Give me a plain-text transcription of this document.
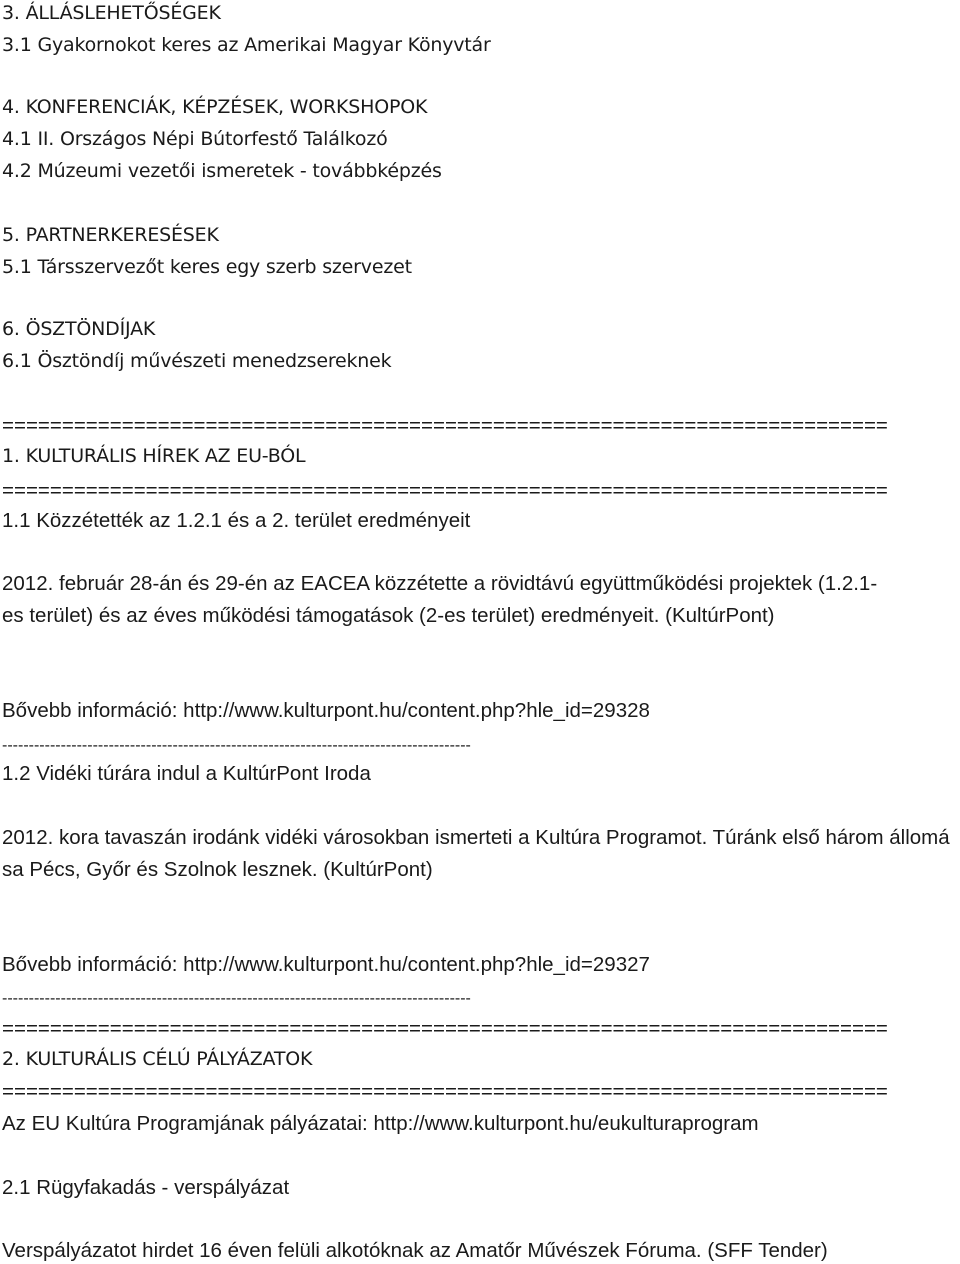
3. ÁLLÁSLEHETŐSÉGEK
3.1 Gyakornokot keres az Amerikai Magyar Könyvtár
4. KONFERENCIÁK, KÉPZÉSEK, WORKSHOPOK
4.1 II. Országos Népi Bútorfestő Találkozó
4.2 Múzeumi vezetői ismeretek - továbbképzés
5. PARTNERKERESÉSEK
5.1 Társszervezőt keres egy szerb szervezet
6. ÖSZTÖNDÍJAK
6.1 Ösztöndíj művészeti menedzsereknek
==========================================================================
1. KULTURÁLIS HÍREK AZ EU-BÓL
==========================================================================
1.1 Közzétették az 1.2.1 és a 2. terület eredményeit
2012. február 28-án és 29-én az EACEA közzétette a rövidtávú együttműködési projektek (1.2.1-
es terület) és az éves működési támogatások (2-es terület) eredményeit. (KultúrPont)
Bővebb információ: http://www.kulturpont.hu/content.php?hle_id=29328
----------------------------------------------------------------------------------------
1.2 Vidéki túrára indul a KultúrPont Iroda
2012. kora tavaszán irodánk vidéki városokban ismerteti a Kultúra Programot. Túránk első három állomá
sa Pécs, Győr és Szolnok lesznek. (KultúrPont)
Bővebb információ: http://www.kulturpont.hu/content.php?hle_id=29327
----------------------------------------------------------------------------------------
==========================================================================
2. KULTURÁLIS CÉLÚ PÁLYÁZATOK
==========================================================================
Az EU Kultúra Programjának pályázatai: http://www.kulturpont.hu/eukulturaprogram
2.1 Rügyfakadás - verspályázat
Verspályázatot hirdet 16 éven felüli alkotóknak az Amatőr Művészek Fóruma. (SFF Tender)
